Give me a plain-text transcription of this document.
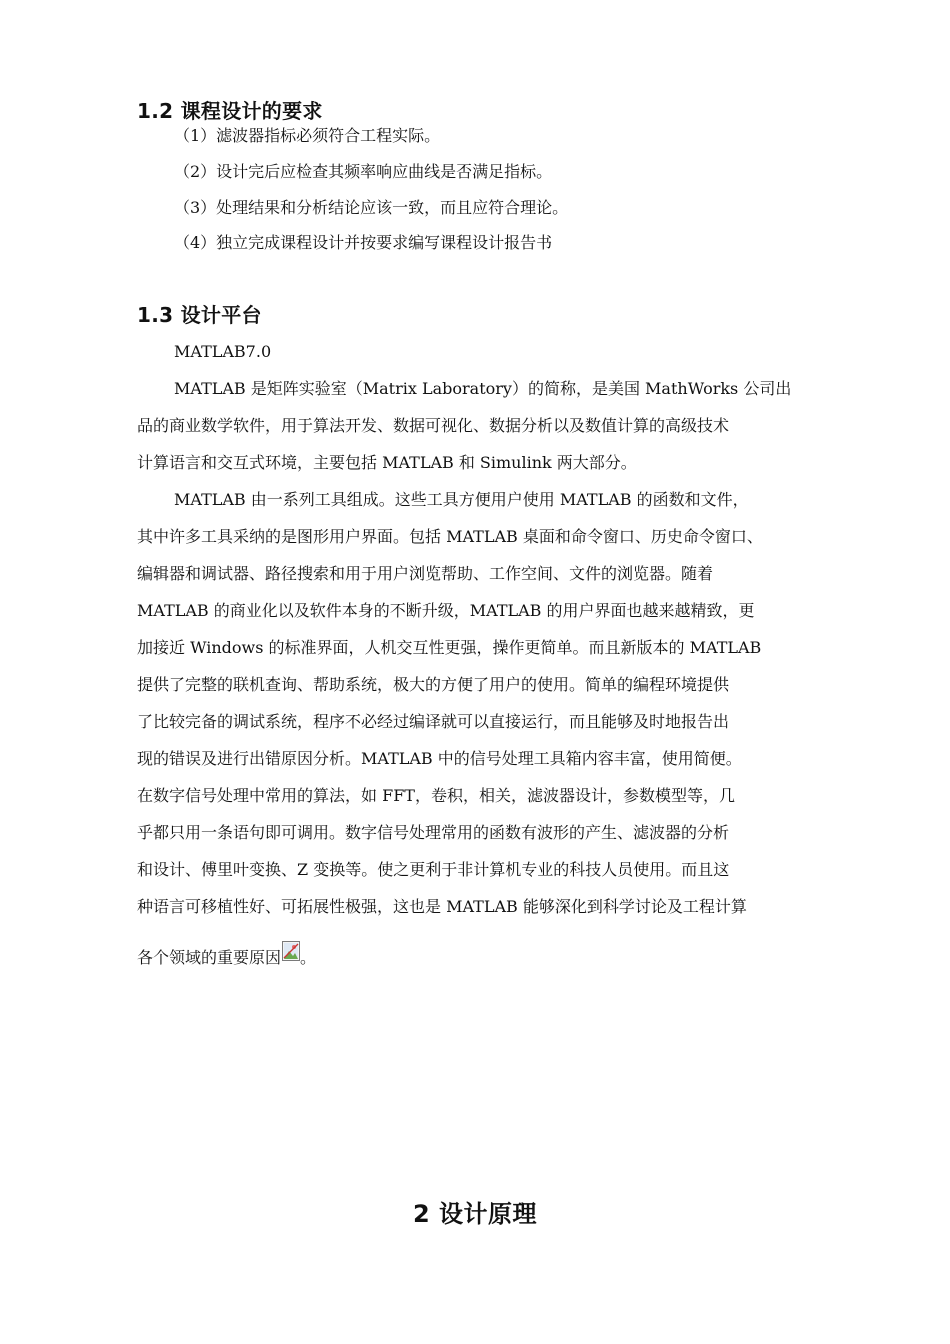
1.2 课程设计的要求

（1）滤波器指标必须符合工程实际。

（2）设计完后应检查其频率响应曲线是否满足指标。

（3）处理结果和分析结论应该一致，而且应符合理论。

（4）独立完成课程设计并按要求编写课程设计报告书

1.3 设计平台
MATLAB7.0
MATLAB 是矩阵实验室（Matrix Laboratory）的简称，是美国 MathWorks 公司出
品的商业数学软件，用于算法开发、数据可视化、数据分析以及数值计算的高级技术
计算语言和交互式环境，主要包括 MATLAB 和 Simulink 两大部分。
MATLAB 由一系列工具组成。这些工具方便用户使用 MATLAB 的函数和文件，
其中许多工具采纳的是图形用户界面。包括 MATLAB 桌面和命令窗口、历史命令窗口、
编辑器和调试器、路径搜索和用于用户浏览帮助、工作空间、文件的浏览器。随着
MATLAB 的商业化以及软件本身的不断升级，MATLAB 的用户界面也越来越精致，更
加接近 Windows 的标准界面，人机交互性更强，操作更简单。而且新版本的 MATLAB
提供了完整的联机查询、帮助系统，极大的方便了用户的使用。简单的编程环境提供
了比较完备的调试系统，程序不必经过编译就可以直接运行，而且能够及时地报告出
现的错误及进行出错原因分析。MATLAB 中的信号处理工具箱内容丰富，使用简便。
在数字信号处理中常用的算法，如 FFT，卷积，相关，滤波器设计，参数模型等，几
乎都只用一条语句即可调用。数字信号处理常用的函数有波形的产生、滤波器的分析
和设计、傅里叶变换、Z 变换等。使之更利于非计算机专业的科技人员使用。而且这
种语言可移植性好、可拓展性极强，这也是 MATLAB 能够深化到科学讨论及工程计算
各个领域的重要原因 。
2 设计原理
